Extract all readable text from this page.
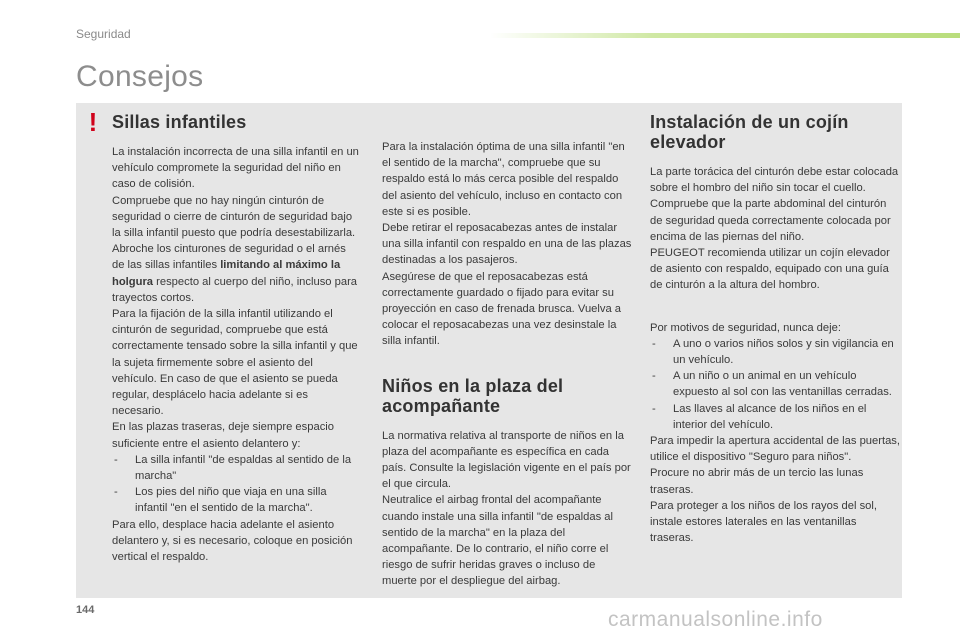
Seguridad
Consejos
! Sillas infantiles

La instalación incorrecta de una silla infantil en un vehículo compromete la seguridad del niño en caso de colisión.

Compruebe que no hay ningún cinturón de seguridad o cierre de cinturón de seguridad bajo la silla infantil puesto que podría desestabilizarla.

Abroche los cinturones de seguridad o el arnés de las sillas infantiles limitando al máximo la holgura respecto al cuerpo del niño, incluso para trayectos cortos.

Para la fijación de la silla infantil utilizando el cinturón de seguridad, compruebe que está correctamente tensado sobre la silla infantil y que la sujeta firmemente sobre el asiento del vehículo. En caso de que el asiento se pueda regular, desplácelo hacia adelante si es necesario.

En las plazas traseras, deje siempre espacio suficiente entre el asiento delantero y:

- La silla infantil "de espaldas al sentido de la marcha"
- Los pies del niño que viaja en una silla infantil "en el sentido de la marcha".

Para ello, desplace hacia adelante el asiento delantero y, si es necesario, coloque en posición vertical el respaldo.

Para la instalación óptima de una silla infantil "en el sentido de la marcha", compruebe que su respaldo está lo más cerca posible del respaldo del asiento del vehículo, incluso en contacto con este si es posible.

Debe retirar el reposacabezas antes de instalar una silla infantil con respaldo en una de las plazas destinadas a los pasajeros.

Asegúrese de que el reposacabezas está correctamente guardado o fijado para evitar su proyección en caso de frenada brusca. Vuelva a colocar el reposacabezas una vez desinstale la silla infantil.

Niños en la plaza del acompañante

La normativa relativa al transporte de niños en la plaza del acompañante es específica en cada país. Consulte la legislación vigente en el país por el que circula.

Neutralice el airbag frontal del acompañante cuando instale una silla infantil "de espaldas al sentido de la marcha" en la plaza del acompañante. De lo contrario, el niño corre el riesgo de sufrir heridas graves o incluso de muerte por el despliegue del airbag.

Instalación de un cojín elevador

La parte torácica del cinturón debe estar colocada sobre el hombro del niño sin tocar el cuello.

Compruebe que la parte abdominal del cinturón de seguridad queda correctamente colocada por encima de las piernas del niño.

PEUGEOT recomienda utilizar un cojín elevador de asiento con respaldo, equipado con una guía de cinturón a la altura del hombro.

Por motivos de seguridad, nunca deje:

- A uno o varios niños solos y sin vigilancia en un vehículo.
- A un niño o un animal en un vehículo expuesto al sol con las ventanillas cerradas.
- Las llaves al alcance de los niños en el interior del vehículo.

Para impedir la apertura accidental de las puertas, utilice el dispositivo "Seguro para niños".

Procure no abrir más de un tercio las lunas traseras.

Para proteger a los niños de los rayos del sol, instale estores laterales en las ventanillas traseras.

144	carmanualsonline.info
